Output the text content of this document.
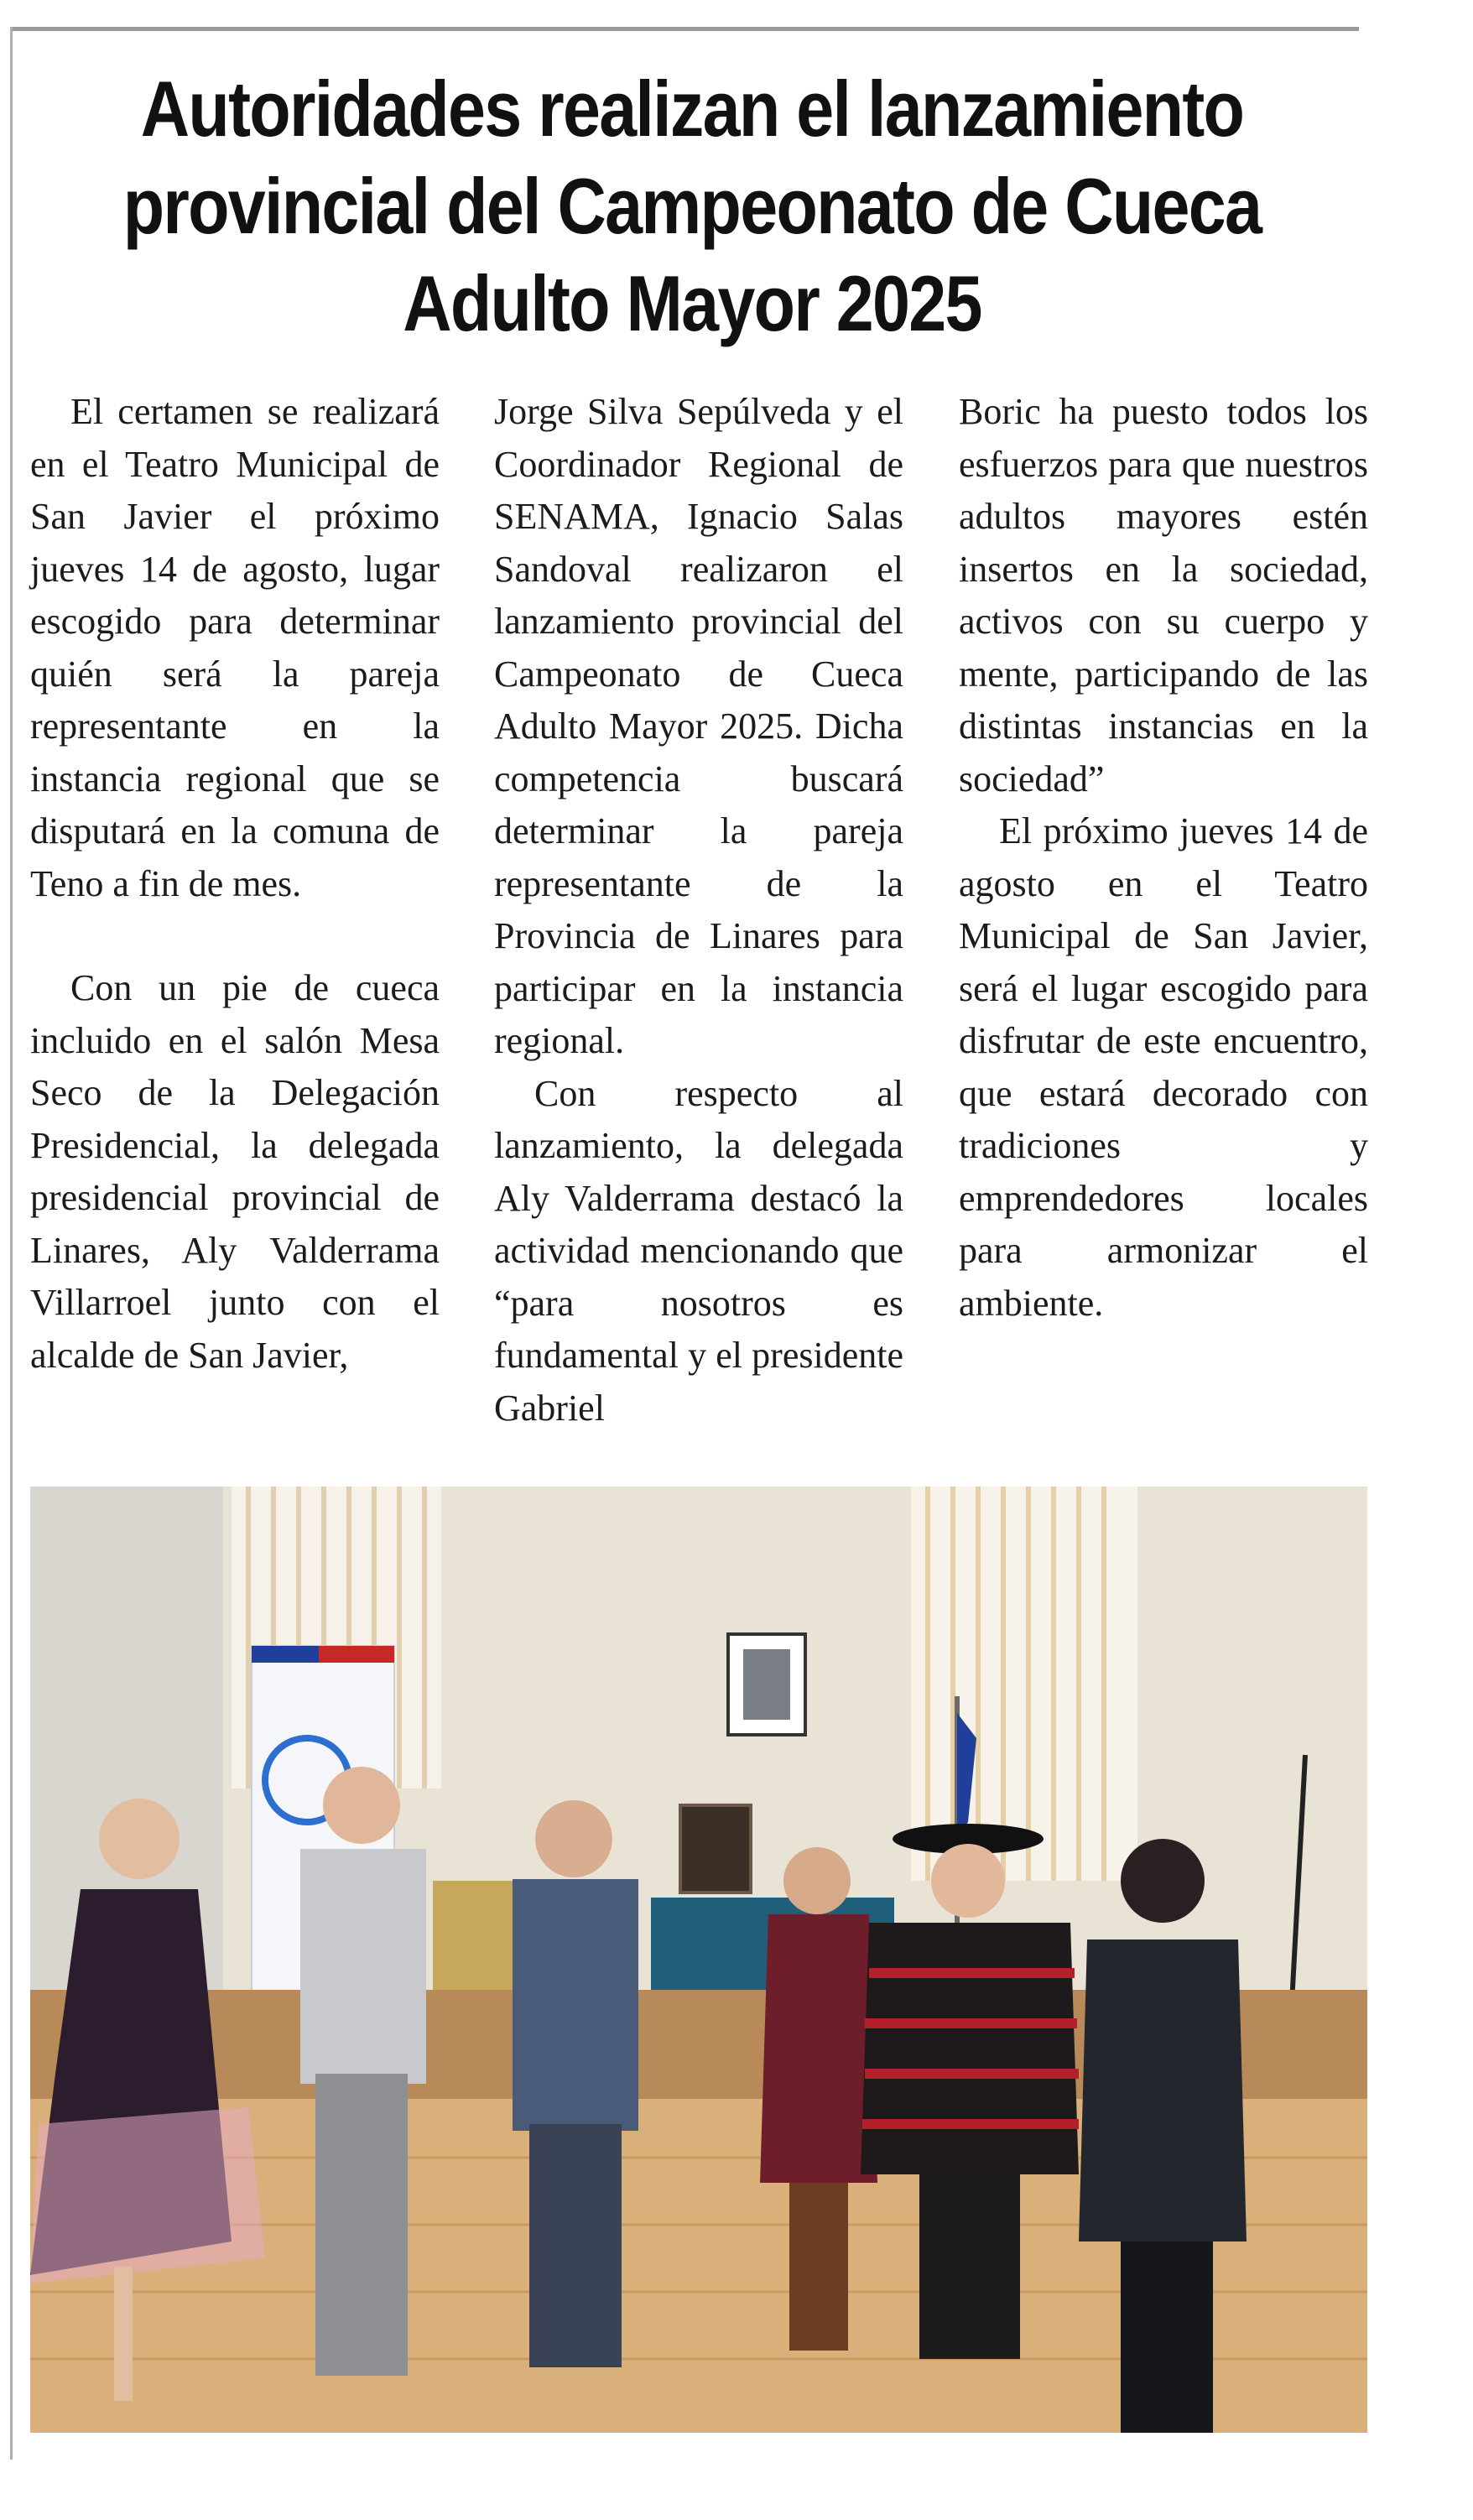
Autoridades realizan el lanzamiento provincial del Campeonato de Cueca Adulto Mayor 2025

El certamen se realizará en el Teatro Municipal de San Javier el próximo jueves 14 de agosto, lugar escogido para determinar quién será la pareja representante en la instancia regional que se disputará en la comuna de Teno a fin de mes.

Con un pie de cueca incluido en el salón Mesa Seco de la Delegación Presidencial, la delegada presidencial provincial de Linares, Aly Valderrama Villarroel junto con el alcalde de San Javier,

Jorge Silva Sepúlveda y el Coordinador Regional de SENAMA, Ignacio Salas Sandoval realizaron el lanzamiento provincial del Campeonato de Cueca Adulto Mayor 2025. Dicha competencia buscará determinar la pareja representante de la Provincia de Linares para participar en la instancia regional.

Con respecto al lanzamiento, la delegada Aly Valderrama destacó la actividad mencionando que “para nosotros es fundamental y el presidente Gabriel

Boric ha puesto todos los esfuerzos para que nuestros adultos mayores estén insertos en la sociedad, activos con su cuerpo y mente, participando de las distintas instancias en la sociedad”

El próximo jueves 14 de agosto en el Teatro Municipal de San Javier, será el lugar escogido para disfrutar de este encuentro, que estará decorado con tradiciones y emprendedores locales para armonizar el ambiente.
